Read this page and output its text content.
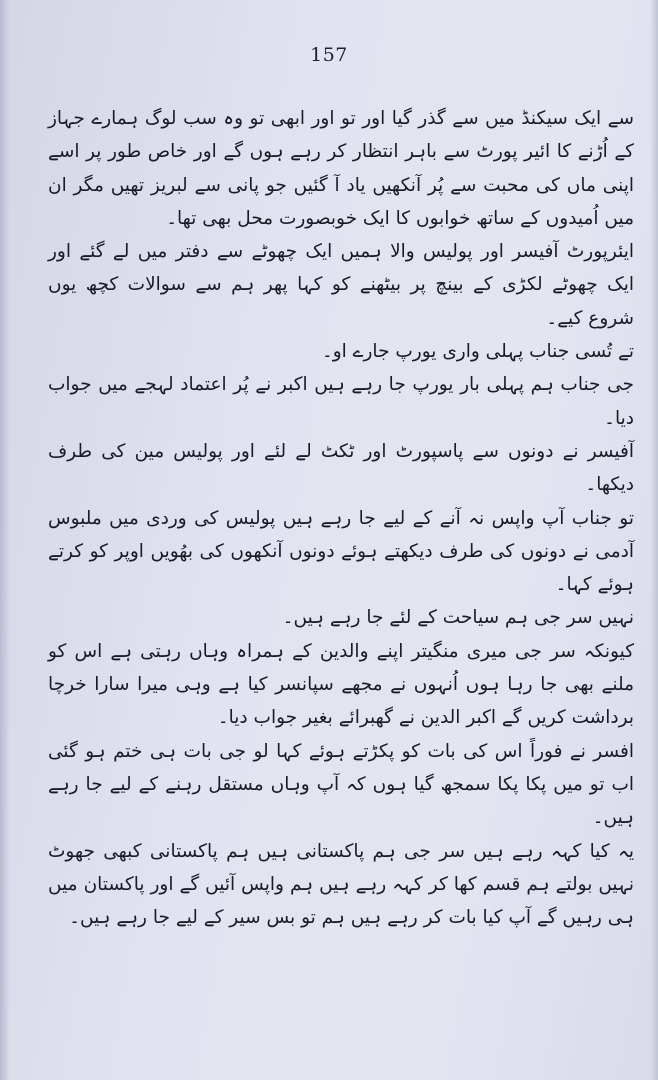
157

سے ایک سیکنڈ میں سے گذر گیا اور تو اور ابھی تو وہ سب لوگ ہمارے جہاز کے اُڑنے کا ائیر پورٹ سے باہر انتظار کر رہے ہوں گے اور خاص طور پر اسے اپنی ماں کی محبت سے پُر آنکھیں یاد آ گئیں جو پانی سے لبریز تھیں مگر ان میں اُمیدوں کے ساتھ خوابوں کا ایک خوبصورت محل بھی تھا۔

ایئرپورٹ آفیسر اور پولیس والا ہمیں ایک چھوٹے سے دفتر میں لے گئے اور ایک چھوٹے لکڑی کے بینچ پر بیٹھنے کو کہا پھر ہم سے سوالات کچھ یوں شروع کیے۔

تے تُسی جناب پہلی واری یورپ جارے او۔

جی جناب ہم پہلی بار یورپ جا رہے ہیں اکبر نے پُر اعتماد لہجے میں جواب دیا۔

آفیسر نے دونوں سے پاسپورٹ اور ٹکٹ لے لئے اور پولیس مین کی طرف دیکھا۔

تو جناب آپ واپس نہ آنے کے لیے جا رہے ہیں پولیس کی وردی میں ملبوس آدمی نے دونوں کی طرف دیکھتے ہوئے دونوں آنکھوں کی بھُویں اوپر کو کرتے ہوئے کہا۔

نہیں سر جی ہم سیاحت کے لئے جا رہے ہیں۔

کیونکہ سر جی میری منگیتر اپنے والدین کے ہمراہ وہاں رہتی ہے اس کو ملنے بھی جا رہا ہوں اُنہوں نے مجھے سپانسر کیا ہے وہی میرا سارا خرچا برداشت کریں گے اکبر الدین نے گھبرائے بغیر جواب دیا۔

افسر نے فوراً اس کی بات کو پکڑتے ہوئے کہا لو جی بات ہی ختم ہو گئی اب تو میں پکا پکا سمجھ گیا ہوں کہ آپ وہاں مستقل رہنے کے لیے جا رہے ہیں۔

یہ کیا کہہ رہے ہیں سر جی ہم پاکستانی ہیں ہم پاکستانی کبھی جھوٹ نہیں بولتے ہم قسم کھا کر کہہ رہے ہیں ہم واپس آئیں گے اور پاکستان میں ہی رہیں گے آپ کیا بات کر رہے ہیں ہم تو بس سیر کے لیے جا رہے ہیں۔
